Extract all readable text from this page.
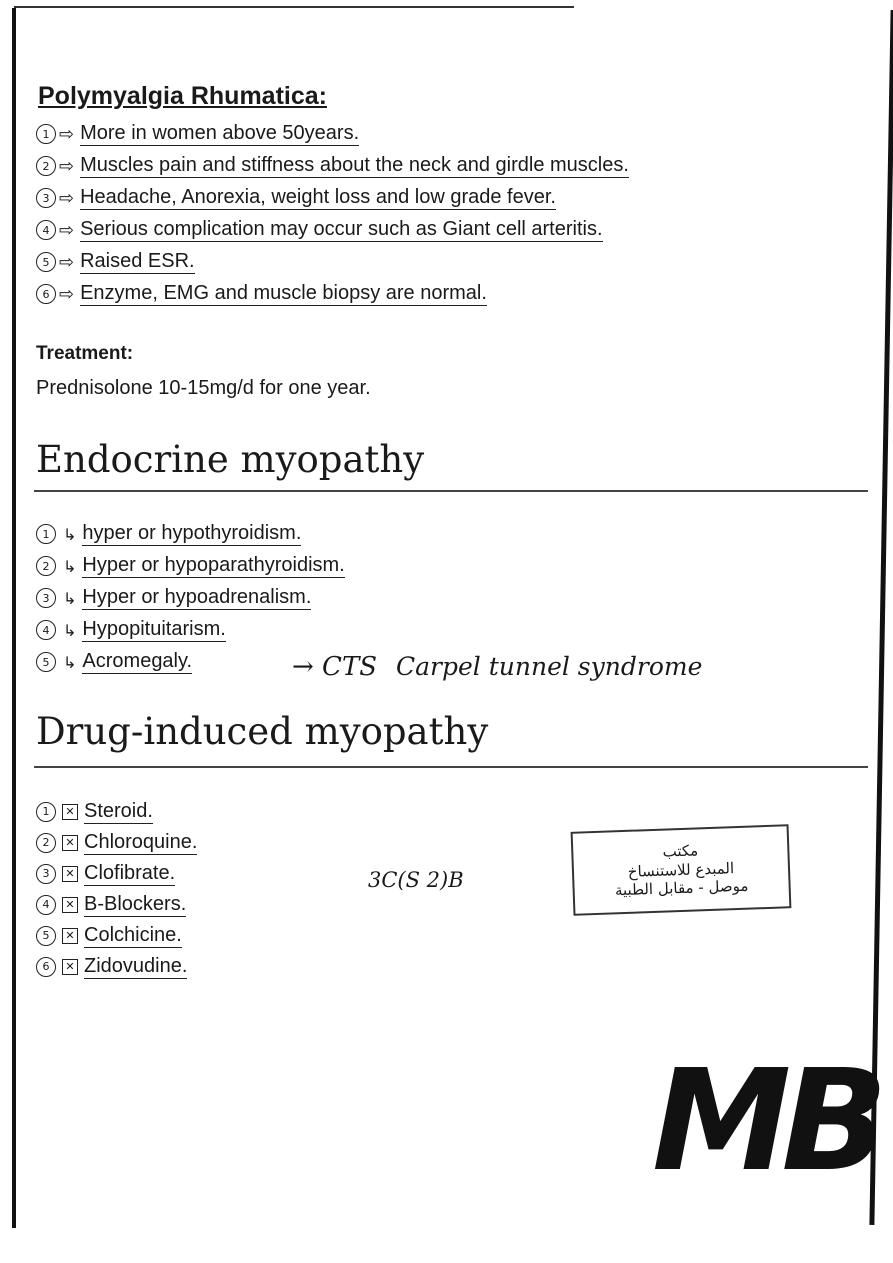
Polymyalgia Rhumatica:
1 ⇨ More in women above 50years.
2 ⇨ Muscles pain and stiffness about the neck and girdle muscles.
3 ⇨ Headache, Anorexia, weight loss and low grade fever.
4 ⇨ Serious complication may occur such as Giant cell arteritis.
5 ⇨ Raised ESR.
6 ⇨ Enzyme, EMG and muscle biopsy are normal.
Treatment:
Prednisolone 10-15mg/d for one year.
Endocrine myopathy
1 ↳ hyper or hypothyroidism.
2 ↳ Hyper or hypoparathyroidism.
3 ↳ Hyper or hypoadrenalism.
4 ↳ Hypopituitarism.
5 ↳ Acromegaly.	→ CTS Carpel tunnel syndrome
Drug-induced myopathy
1	✕ Steroid.
2	✕ Chloroquine.
3	✕ Clofibrate.
4	✕ B-Blockers.
5	✕ Colchicine.
6	✕ Zidovudine.
3C(S 2)B
مكتب
المبدع للاستنساخ
موصل - مقابل الطبية
MB
